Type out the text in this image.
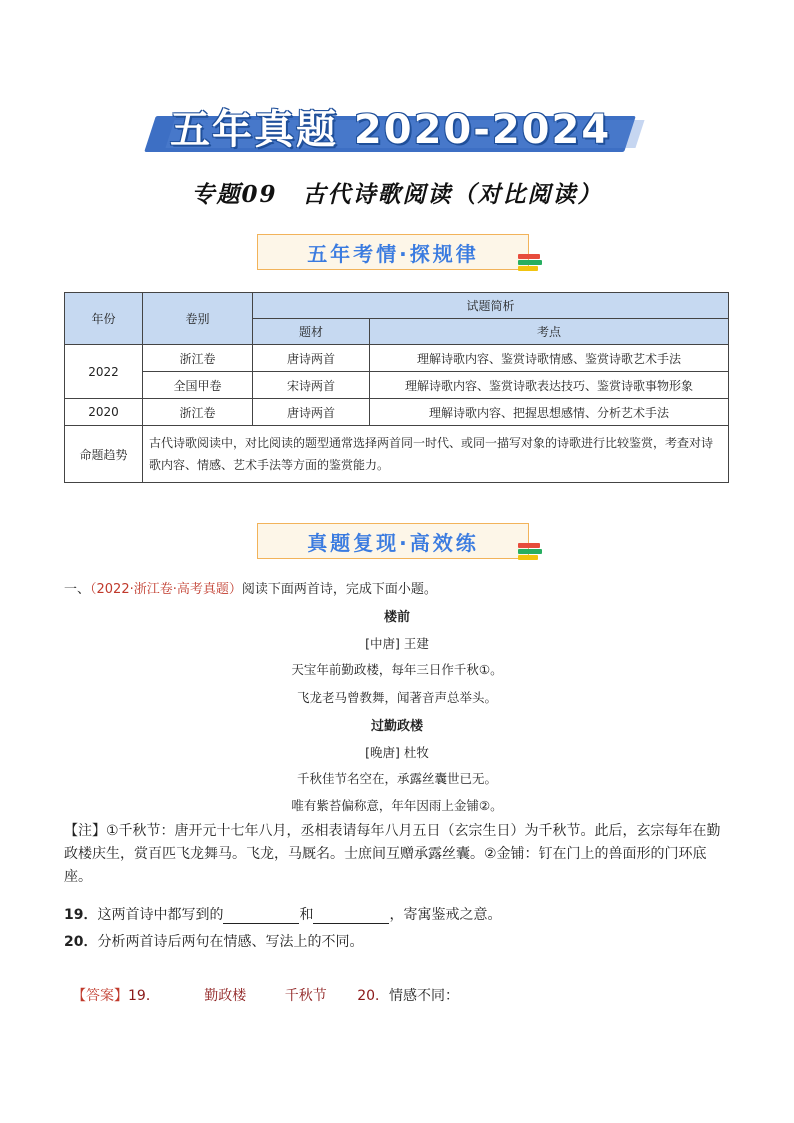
五年真题 2020-2024
专题09　古代诗歌阅读（对比阅读）
五年考情·探规律
年份	卷别	试题简析	
		题材	考点
2022	浙江卷	唐诗两首	理解诗歌内容、鉴赏诗歌情感、鉴赏诗歌艺术手法
	全国甲卷	宋诗两首	理解诗歌内容、鉴赏诗歌表达技巧、鉴赏诗歌事物形象
2020	浙江卷	唐诗两首	理解诗歌内容、把握思想感情、分析艺术手法
命题趋势	古代诗歌阅读中，对比阅读的题型通常选择两首同一时代、或同一描写对象的诗歌进行比较鉴赏，考查对诗歌内容、情感、艺术手法等方面的鉴赏能力。		
真题复现·高效练
一、（2022·浙江卷·高考真题）阅读下面两首诗，完成下面小题。
楼前
[中唐] 王建
天宝年前勤政楼，每年三日作千秋①。
飞龙老马曾教舞，闻著音声总举头。
过勤政楼
[晚唐] 杜牧
千秋佳节名空在，承露丝囊世已无。
唯有紫苔偏称意，年年因雨上金铺②。
【注】①千秋节：唐开元十七年八月，丞相表请每年八月五日（玄宗生日）为千秋节。此后，玄宗每年在勤政楼庆生，赏百匹飞龙舞马。飞龙，马厩名。士庶间互赠承露丝囊。②金铺：钉在门上的兽面形的门环底座。
19．这两首诗中都写到的	和	，寄寓鉴戒之意。
20．分析两首诗后两句在情感、写法上的不同。
【答案】19．	勤政楼	千秋节 20．情感不同：
